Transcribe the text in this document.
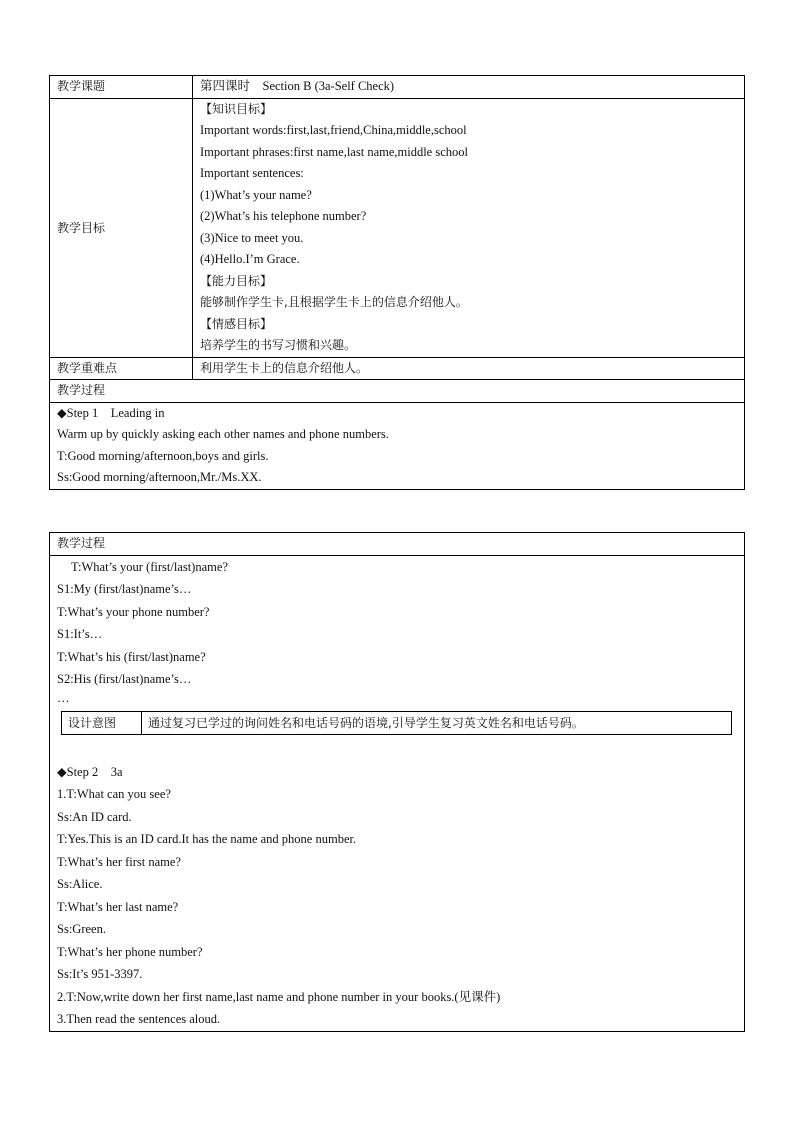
教学课题	第四课时　Section B (3a-Self Check)
教学目标
【知识目标】
Important words:first,last,friend,China,middle,school
Important phrases:first name,last name,middle school
Important sentences:
(1)What’s your name?
(2)What’s his telephone number?
(3)Nice to meet you.
(4)Hello.I’m Grace.
【能力目标】
能够制作学生卡,且根据学生卡上的信息介绍他人。
【情感目标】
培养学生的书写习惯和兴趣。
教学重难点	利用学生卡上的信息介绍他人。
教学过程
◆Step 1　Leading in
Warm up by quickly asking each other names and phone numbers.
T:Good morning/afternoon,boys and girls.
Ss:Good morning/afternoon,Mr./Ms.XX.
教学过程
T:What’s your (first/last)name?
S1:My (first/last)name’s…
T:What’s your phone number?
S1:It’s…
T:What’s his (first/last)name?
S2:His (first/last)name’s…
…
设计意图	通过复习已学过的询问姓名和电话号码的语境,引导学生复习英文姓名和电话号码。
◆Step 2　3a
1.T:What can you see?
Ss:An ID card.
T:Yes.This is an ID card.It has the name and phone number.
T:What’s her first name?
Ss:Alice.
T:What’s her last name?
Ss:Green.
T:What’s her phone number?
Ss:It’s 951-3397.
2.T:Now,write down her first name,last name and phone number in your books.(见课件)
3.Then read the sentences aloud.
